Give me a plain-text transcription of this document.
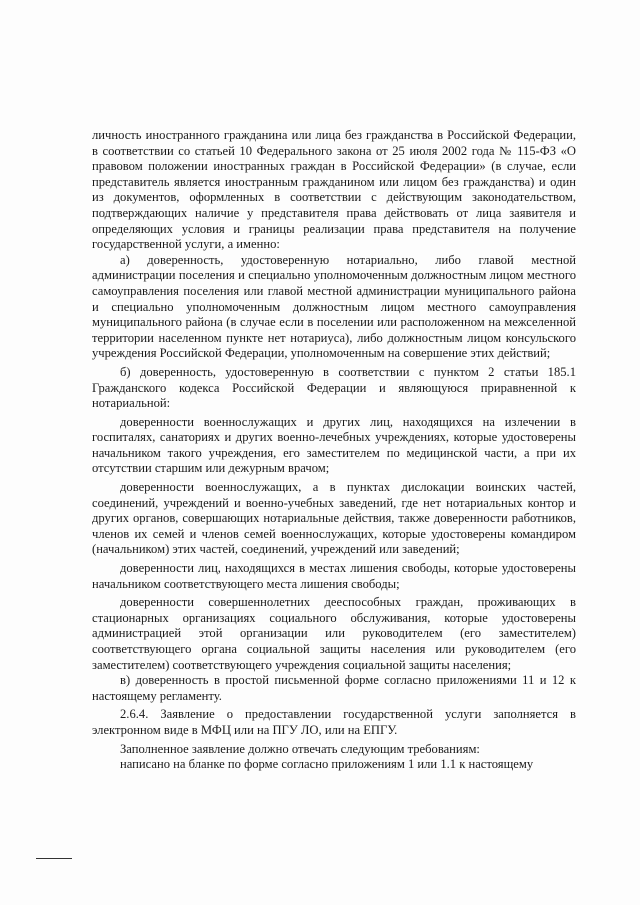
личность иностранного гражданина или лица без гражданства в Российской Федерации, в соответствии со статьей 10 Федерального закона от 25 июля 2002 года № 115-ФЗ «О правовом положении иностранных граждан в Российской Федерации» (в случае, если представитель является иностранным гражданином или лицом без гражданства) и один из документов, оформленных в соответствии с действующим законодательством, подтверждающих наличие у представителя права действовать от лица заявителя и определяющих условия и границы реализации права представителя на получение государственной услуги, а именно:

а) доверенность, удостоверенную нотариально, либо главой местной администрации поселения и специально уполномоченным должностным лицом местного самоуправления поселения или главой местной администрации муниципального района и специально уполномоченным должностным лицом местного самоуправления муниципального района (в случае если в поселении или расположенном на межселенной территории населенном пункте нет нотариуса), либо должностным лицом консульского учреждения Российской Федерации, уполномоченным на совершение этих действий;

б) доверенность, удостоверенную в соответствии с пунктом 2 статьи 185.1 Гражданского кодекса Российской Федерации и являющуюся приравненной к нотариальной:

доверенности военнослужащих и других лиц, находящихся на излечении в госпиталях, санаториях и других военно-лечебных учреждениях, которые удостоверены начальником такого учреждения, его заместителем по медицинской части, а при их отсутствии старшим или дежурным врачом;

доверенности военнослужащих, а в пунктах дислокации воинских частей, соединений, учреждений и военно-учебных заведений, где нет нотариальных контор и других органов, совершающих нотариальные действия, также доверенности работников, членов их семей и членов семей военнослужащих, которые удостоверены командиром (начальником) этих частей, соединений, учреждений или заведений;

доверенности лиц, находящихся в местах лишения свободы, которые удостоверены начальником соответствующего места лишения свободы;

доверенности совершеннолетних дееспособных граждан, проживающих в стационарных организациях социального обслуживания, которые удостоверены администрацией этой организации или руководителем (его заместителем) соответствующего органа социальной защиты населения или руководителем (его заместителем) соответствующего учреждения социальной защиты населения;

в) доверенность в простой письменной форме согласно приложениями 11 и 12 к настоящему регламенту.

2.6.4. Заявление о предоставлении государственной услуги заполняется в электронном виде в МФЦ или на ПГУ ЛО, или на ЕПГУ.

Заполненное заявление должно отвечать следующим требованиям:

написано на бланке по форме согласно приложениям 1 или 1.1 к настоящему
